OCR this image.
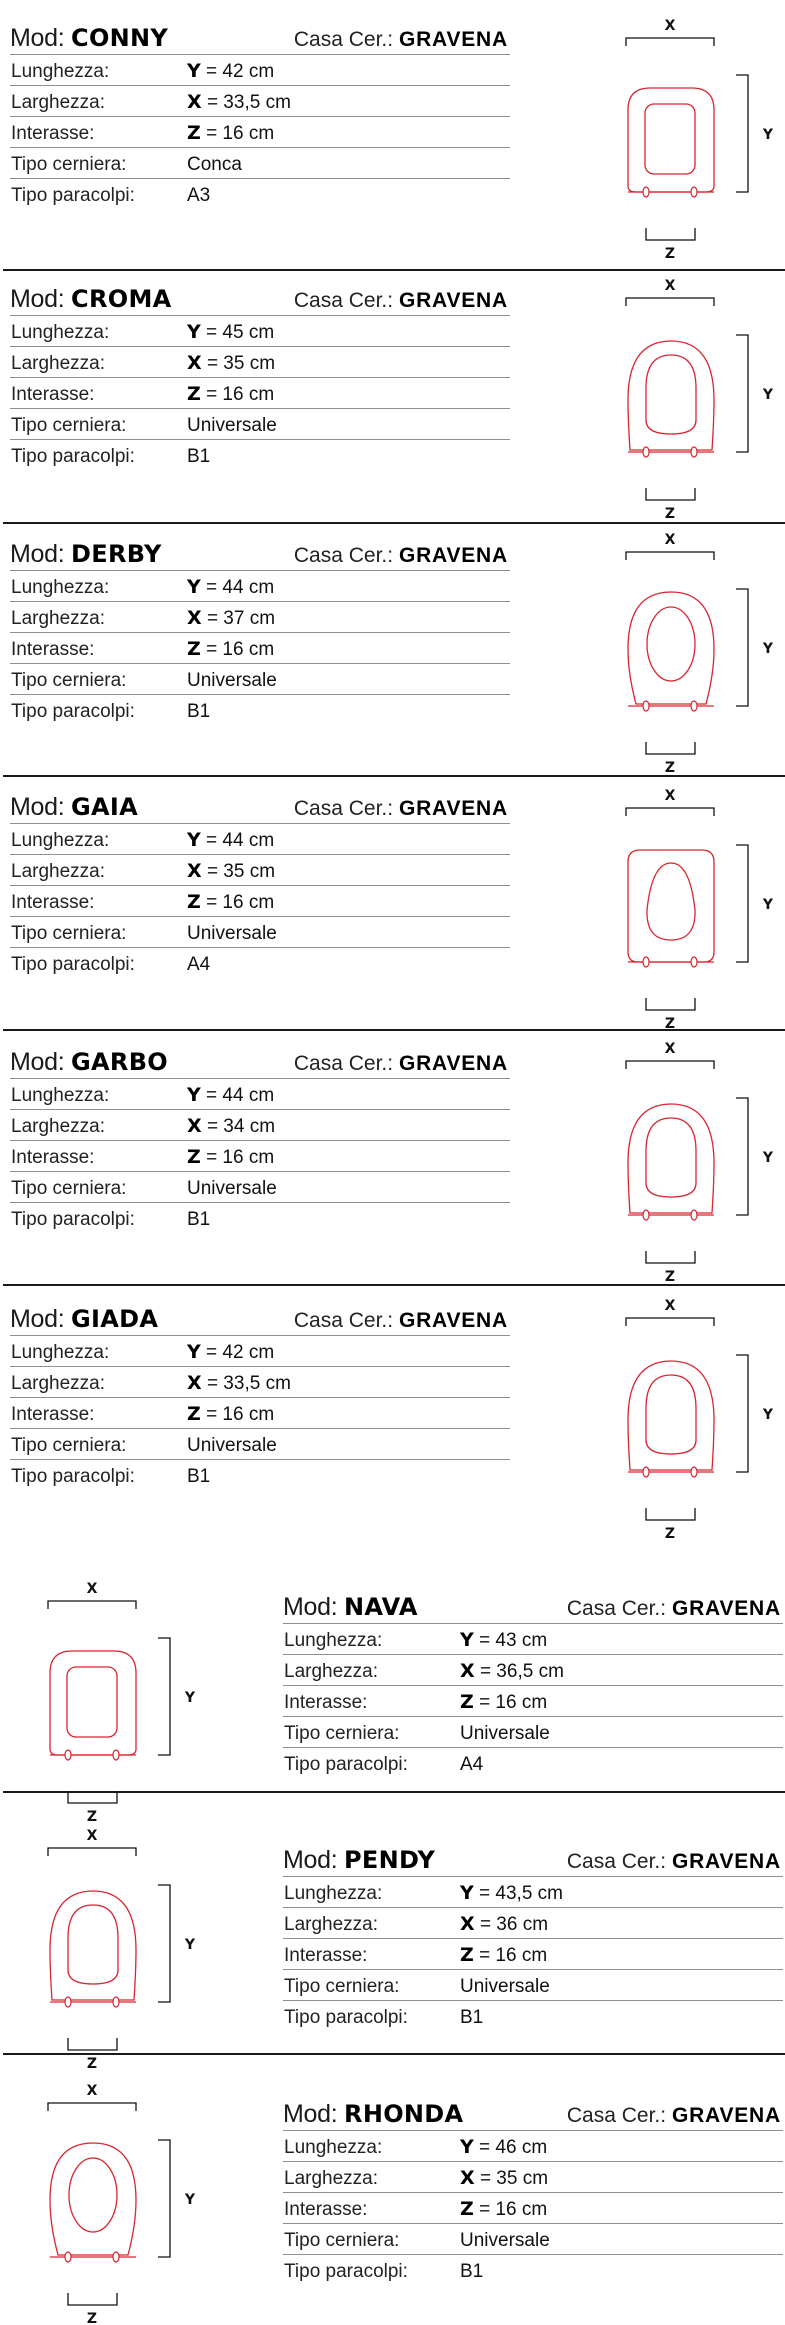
Mod: CONNY	Casa Cer.: GRAVENA
Lunghezza:	Y = 42 cm
Larghezza:	X = 33,5 cm
Interasse:	Z = 16 cm
Tipo cerniera:	Conca
Tipo paracolpi:	A3
X
Y
Z
Mod: CROMA	Casa Cer.: GRAVENA
Lunghezza:	Y = 45 cm
Larghezza:	X = 35 cm
Interasse:	Z = 16 cm
Tipo cerniera:	Universale
Tipo paracolpi:	B1
X
Y
Z
Mod: DERBY	Casa Cer.: GRAVENA
Lunghezza:	Y = 44 cm
Larghezza:	X = 37 cm
Interasse:	Z = 16 cm
Tipo cerniera:	Universale
Tipo paracolpi:	B1
X
Y
Z
Mod: GAIA	Casa Cer.: GRAVENA
Lunghezza:	Y = 44 cm
Larghezza:	X = 35 cm
Interasse:	Z = 16 cm
Tipo cerniera:	Universale
Tipo paracolpi:	A4
X
Y
Z
Mod: GARBO	Casa Cer.: GRAVENA
Lunghezza:	Y = 44 cm
Larghezza:	X = 34 cm
Interasse:	Z = 16 cm
Tipo cerniera:	Universale
Tipo paracolpi:	B1
X
Y
Z
Mod: GIADA	Casa Cer.: GRAVENA
Lunghezza:	Y = 42 cm
Larghezza:	X = 33,5 cm
Interasse:	Z = 16 cm
Tipo cerniera:	Universale
Tipo paracolpi:	B1
X
Y
Z
Mod: NAVA	Casa Cer.: GRAVENA
Lunghezza:	Y = 43 cm
Larghezza:	X = 36,5 cm
Interasse:	Z = 16 cm
Tipo cerniera:	Universale
Tipo paracolpi:	A4
X
Y
Z
Mod: PENDY	Casa Cer.: GRAVENA
Lunghezza:	Y = 43,5 cm
Larghezza:	X = 36 cm
Interasse:	Z = 16 cm
Tipo cerniera:	Universale
Tipo paracolpi:	B1
X
Y
Z
Mod: RHONDA	Casa Cer.: GRAVENA
Lunghezza:	Y = 46 cm
Larghezza:	X = 35 cm
Interasse:	Z = 16 cm
Tipo cerniera:	Universale
Tipo paracolpi:	B1
X
Y
Z
